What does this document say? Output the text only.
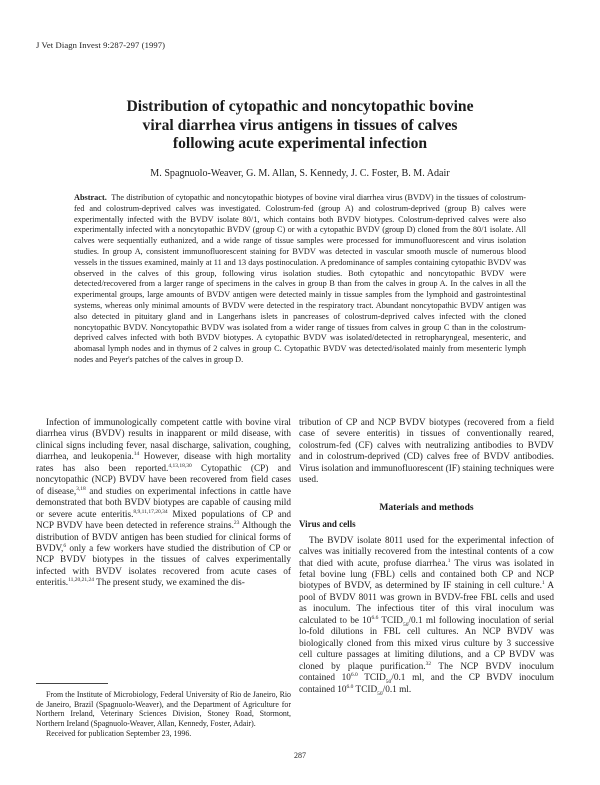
J Vet Diagn Invest 9:287-297 (1997)
Distribution of cytopathic and noncytopathic bovine
viral diarrhea virus antigens in tissues of calves
following acute experimental infection
M. Spagnuolo-Weaver, G. M. Allan, S. Kennedy, J. C. Foster, B. M. Adair
Abstract. The distribution of cytopathic and noncytopathic biotypes of bovine viral diarrhea virus (BVDV) in the tissues of colostrum-fed and colostrum-deprived calves was investigated. Colostrum-fed (group A) and colostrum-deprived (group B) calves were experimentally infected with the BVDV isolate 80/1, which contains both BVDV biotypes. Colostrum-deprived calves were also experimentally infected with a noncytopathic BVDV (group C) or with a cytopathic BVDV (group D) cloned from the 80/1 isolate. All calves were sequentially euthanized, and a wide range of tissue samples were processed for immunofluorescent and virus isolation studies. In group A, consistent immunofluorescent staining for BVDV was detected in vascular smooth muscle of numerous blood vessels in the tissues examined, mainly at 11 and 13 days postinoculation. A predominance of samples containing cytopathic BVDV was observed in the calves of this group, following virus isolation studies. Both cytopathic and noncytopathic BVDV were detected/recovered from a larger range of specimens in the calves in group B than from the calves in group A. In the calves in all the experimental groups, large amounts of BVDV antigen were detected mainly in tissue samples from the lymphoid and gastrointestinal systems, whereas only minimal amounts of BVDV were detected in the respiratory tract. Abundant noncytopathic BVDV antigen was also detected in pituitary gland and in Langerhans islets in pancreases of colostrum-deprived calves infected with the cloned noncytopathic BVDV. Noncytopathic BVDV was isolated from a wider range of tissues from calves in group C than in the colostrum-deprived calves infected with both BVDV biotypes. A cytopathic BVDV was isolated/detected in retropharyngeal, mesenteric, and abomasal lymph nodes and in thymus of 2 calves in group C. Cytopathic BVDV was detected/isolated mainly from mesenteric lymph nodes and Peyer's patches of the calves in group D.

Infection of immunologically competent cattle with bovine viral diarrhea virus (BVDV) results in inapparent or mild disease, with clinical signs including fever, nasal discharge, salivation, coughing, diarrhea, and leukopenia.$^{14}$ However, disease with high mortality rates has also been reported.$^{4,13,18,30}$ Cytopathic (CP) and noncytopathic (NCP) BVDV have been recovered from field cases of disease,$^{3,18}$ and studies on experimental infections in cattle have demonstrated that both BVDV biotypes are capable of causing mild or severe acute enteritis.$^{8,9,11,17,20,34}$ Mixed populations of CP and NCP BVDV have been detected in reference strains.$^{23}$ Although the distribution of BVDV antigen has been studied for clinical forms of BVDV,$^6$ only a few workers have studied the distribution of CP or NCP BVDV biotypes in the tissues of calves experimentally infected with BVDV isolates recovered from acute cases of enteritis.$^{11,20,21,24}$ The present study, we examined the dis-

From the Institute of Microbiology, Federal University of Rio de Janeiro, Rio de Janeiro, Brazil (Spagnuolo-Weaver), and the Department of Agriculture for Northern Ireland, Veterinary Sciences Division, Stoney Road, Stormont, Northern Ireland (Spagnuolo-Weaver, Allan, Kennedy, Foster, Adair).

Received for publication September 23, 1996.

tribution of CP and NCP BVDV biotypes (recovered from a field case of severe enteritis) in tissues of conventionally reared, colostrum-fed (CF) calves with neutralizing antibodies to BVDV and in colostrum-deprived (CD) calves free of BVDV antibodies. Virus isolation and immunofluorescent (IF) staining techniques were used.

Materials and methods
Virus and cells

The BVDV isolate 8011 used for the experimental infection of calves was initially recovered from the intestinal contents of a cow that died with acute, profuse diarrhea.$^1$ The virus was isolated in fetal bovine lung (FBL) cells and contained both CP and NCP biotypes of BVDV, as determined by IF staining in cell culture.$^1$ A pool of BVDV 8011 was grown in BVDV-free FBL cells and used as inoculum. The infectious titer of this viral inoculum was calculated to be $10^{6.6}$ $TCID_{50}/0.1$ ml following inoculation of serial lo-fold dilutions in FBL cell cultures. An NCP BVDV was biologically cloned from this mixed virus culture by 3 successive cell culture passages at limiting dilutions, and a CP BVDV was cloned by plaque purification.$^{32}$ The NCP BVDV inoculum contained $10^{6.0}$ $TCID_{50}/0.1$ ml, and the CP BVDV inoculum contained $10^{6.0}$ $TCID_{50}/0.1$ ml.

287
